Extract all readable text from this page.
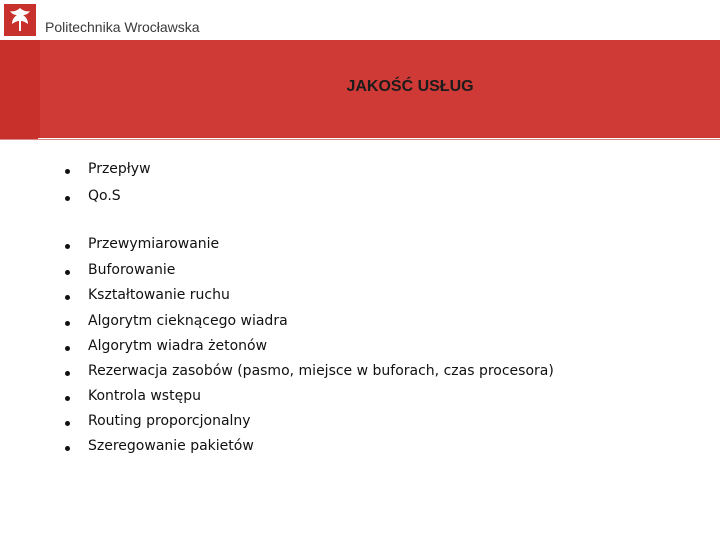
Politechnika Wrocławska
JAKOŚĆ USŁUG
Przepływ
Qo.S
Przewymiarowanie
Buforowanie
Kształtowanie ruchu
Algorytm cieknącego wiadra
Algorytm wiadra żetonów
Rezerwacja zasobów (pasmo, miejsce w buforach, czas procesora)
Kontrola wstępu
Routing proporcjonalny
Szeregowanie pakietów
